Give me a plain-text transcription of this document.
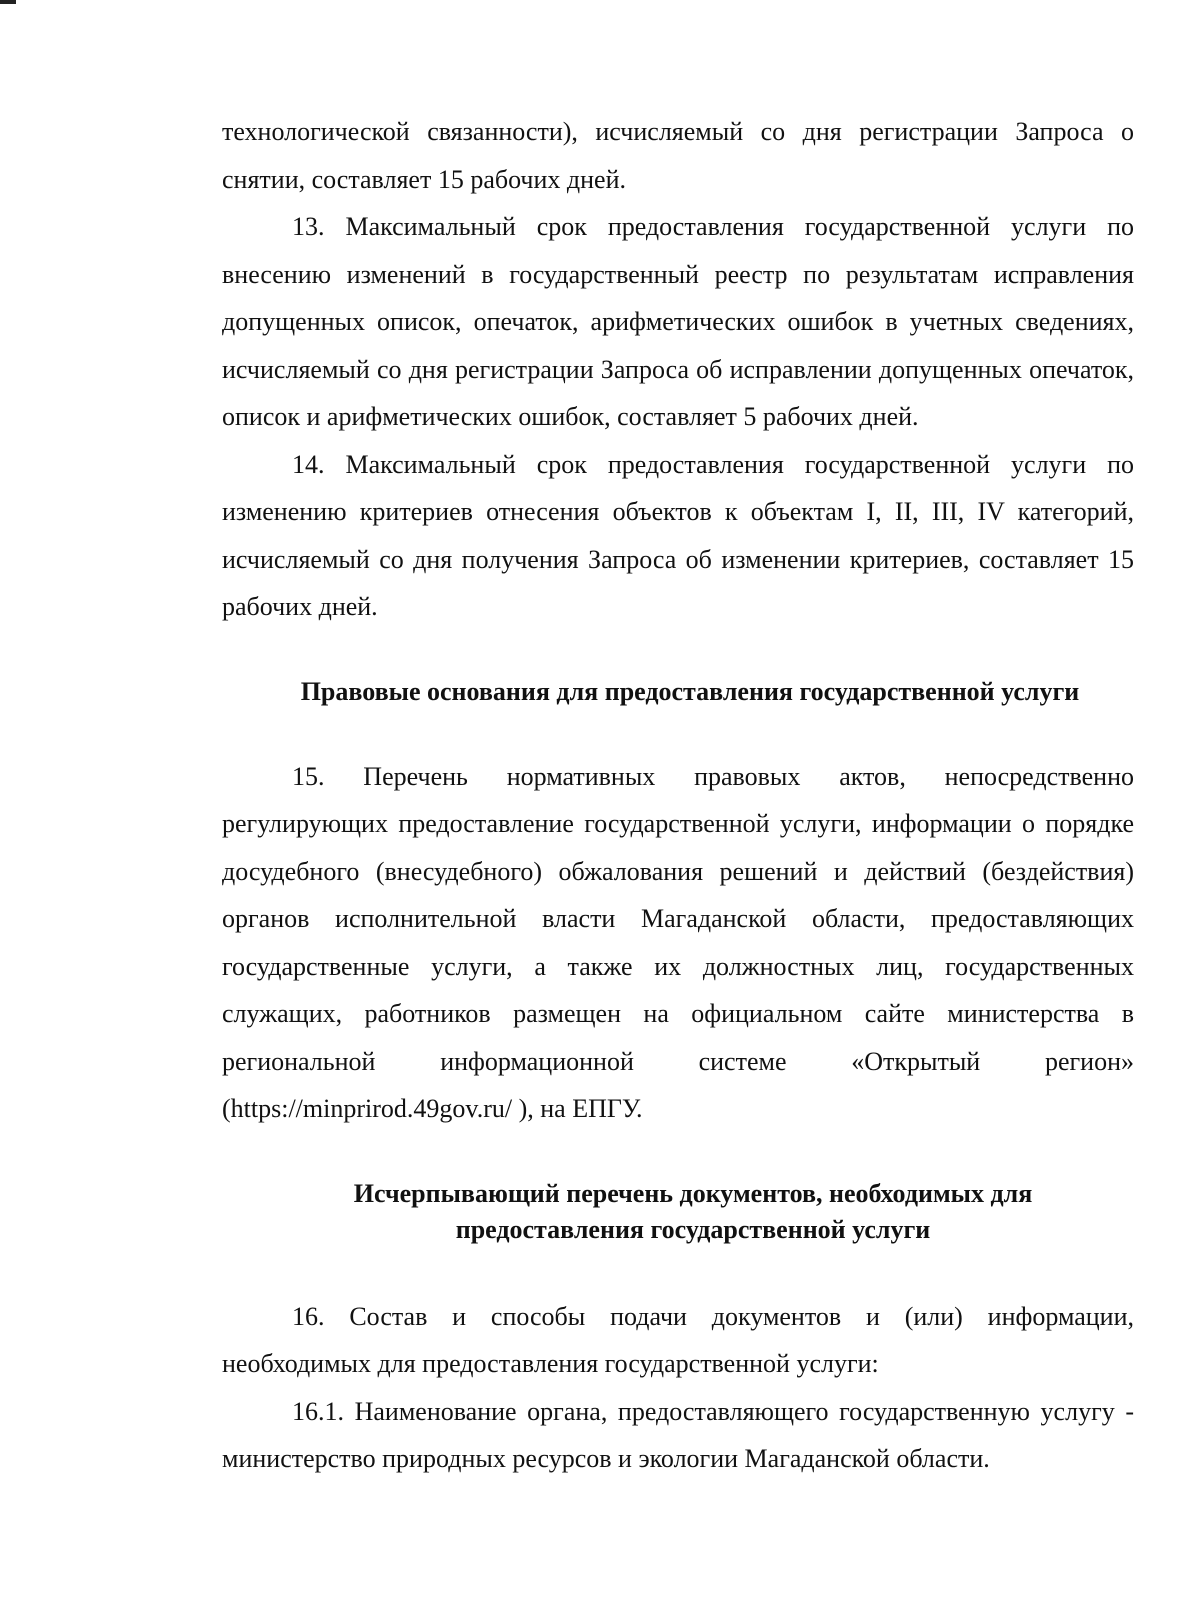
технологической связанности), исчисляемый со дня регистрации Запроса о снятии, составляет 15 рабочих дней.

13. Максимальный срок предоставления государственной услуги по внесению изменений в государственный реестр по результатам исправления допущенных описок, опечаток, арифметических ошибок в учетных сведениях, исчисляемый со дня регистрации Запроса об исправлении допущенных опечаток, описок и арифметических ошибок, составляет 5 рабочих дней.

14. Максимальный срок предоставления государственной услуги по изменению критериев отнесения объектов к объектам I, II, III, IV категорий, исчисляемый со дня получения Запроса об изменении критериев, составляет 15 рабочих дней.

Правовые основания для предоставления государственной услуги

15. Перечень нормативных правовых актов, непосредственно регулирующих предоставление государственной услуги, информации о порядке досудебного (внесудебного) обжалования решений и действий (бездействия) органов исполнительной власти Магаданской области, предоставляющих государственные услуги, а также их должностных лиц, государственных служащих, работников размещен на официальном сайте министерства в региональной информационной системе «Открытый регион» (https://minprirod.49gov.ru/ ), на ЕПГУ.

Исчерпывающий перечень документов, необходимых для
предоставления государственной услуги

16. Состав и способы подачи документов и (или) информации, необходимых для предоставления государственной услуги:

16.1. Наименование органа, предоставляющего государственную услугу - министерство природных ресурсов и экологии Магаданской области.
